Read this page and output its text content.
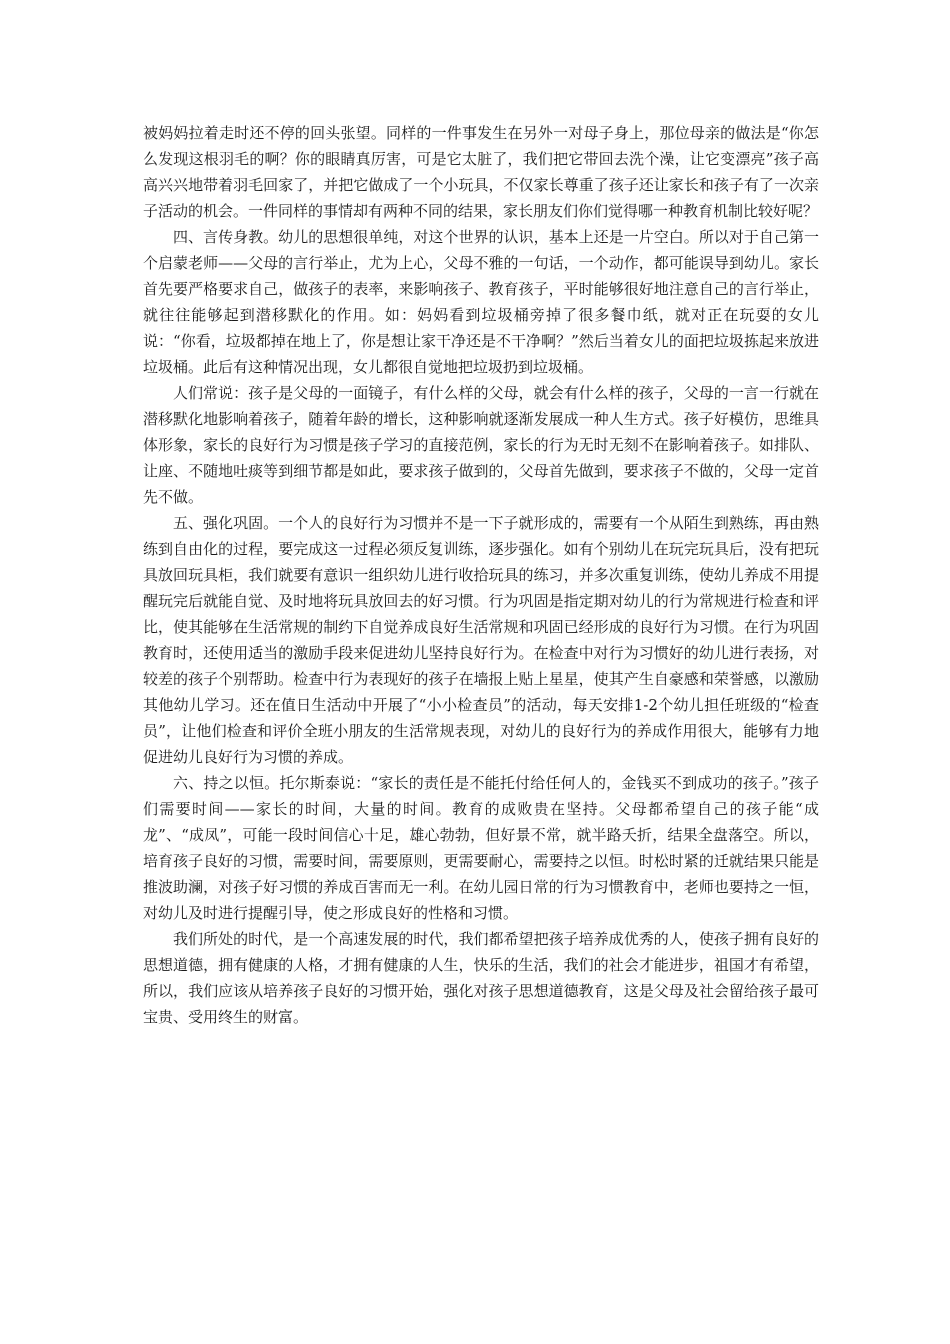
被妈妈拉着走时还不停的回头张望。同样的一件事发生在另外一对母子身上，那位母亲的做法是“你怎么发现这根羽毛的啊？你的眼睛真厉害，可是它太脏了，我们把它带回去洗个澡，让它变漂亮”孩子高高兴兴地带着羽毛回家了，并把它做成了一个小玩具，不仅家长尊重了孩子还让家长和孩子有了一次亲子活动的机会。一件同样的事情却有两种不同的结果，家长朋友们你们觉得哪一种教育机制比较好呢？

四、言传身教。幼儿的思想很单纯，对这个世界的认识，基本上还是一片空白。所以对于自己第一个启蒙老师——父母的言行举止，尤为上心，父母不雅的一句话，一个动作，都可能误导到幼儿。家长首先要严格要求自己，做孩子的表率，来影响孩子、教育孩子，平时能够很好地注意自己的言行举止，就往往能够起到潜移默化的作用。如：妈妈看到垃圾桶旁掉了很多餐巾纸，就对正在玩耍的女儿说：“你看，垃圾都掉在地上了，你是想让家干净还是不干净啊？”然后当着女儿的面把垃圾拣起来放进垃圾桶。此后有这种情况出现，女儿都很自觉地把垃圾扔到垃圾桶。

人们常说：孩子是父母的一面镜子，有什么样的父母，就会有什么样的孩子，父母的一言一行就在潜移默化地影响着孩子，随着年龄的增长，这种影响就逐渐发展成一种人生方式。孩子好模仿，思维具体形象，家长的良好行为习惯是孩子学习的直接范例，家长的行为无时无刻不在影响着孩子。如排队、让座、不随地吐痰等到细节都是如此，要求孩子做到的，父母首先做到，要求孩子不做的，父母一定首先不做。

五、强化巩固。一个人的良好行为习惯并不是一下子就形成的，需要有一个从陌生到熟练，再由熟练到自由化的过程，要完成这一过程必须反复训练，逐步强化。如有个别幼儿在玩完玩具后，没有把玩具放回玩具柜，我们就要有意识一组织幼儿进行收拾玩具的练习，并多次重复训练，使幼儿养成不用提醒玩完后就能自觉、及时地将玩具放回去的好习惯。行为巩固是指定期对幼儿的行为常规进行检查和评比，使其能够在生活常规的制约下自觉养成良好生活常规和巩固已经形成的良好行为习惯。在行为巩固教育时，还使用适当的激励手段来促进幼儿坚持良好行为。在检查中对行为习惯好的幼儿进行表扬，对较差的孩子个别帮助。检查中行为表现好的孩子在墙报上贴上星星，使其产生自豪感和荣誉感，以激励其他幼儿学习。还在值日生活动中开展了“小小检查员”的活动，每天安排1-2个幼儿担任班级的“检查员”，让他们检查和评价全班小朋友的生活常规表现，对幼儿的良好行为的养成作用很大，能够有力地促进幼儿良好行为习惯的养成。

六、持之以恒。托尔斯泰说：“家长的责任是不能托付给任何人的，金钱买不到成功的孩子。”孩子们需要时间——家长的时间，大量的时间。教育的成败贵在坚持。父母都希望自己的孩子能“成龙”、“成凤”，可能一段时间信心十足，雄心勃勃，但好景不常，就半路夭折，结果全盘落空。所以，培育孩子良好的习惯，需要时间，需要原则，更需要耐心，需要持之以恒。时松时紧的迁就结果只能是推波助澜，对孩子好习惯的养成百害而无一利。在幼儿园日常的行为习惯教育中，老师也要持之一恒，对幼儿及时进行提醒引导，使之形成良好的性格和习惯。

我们所处的时代，是一个高速发展的时代，我们都希望把孩子培养成优秀的人，使孩子拥有良好的思想道德，拥有健康的人格，才拥有健康的人生，快乐的生活，我们的社会才能进步，祖国才有希望，所以，我们应该从培养孩子良好的习惯开始，强化对孩子思想道德教育，这是父母及社会留给孩子最可宝贵、受用终生的财富。
